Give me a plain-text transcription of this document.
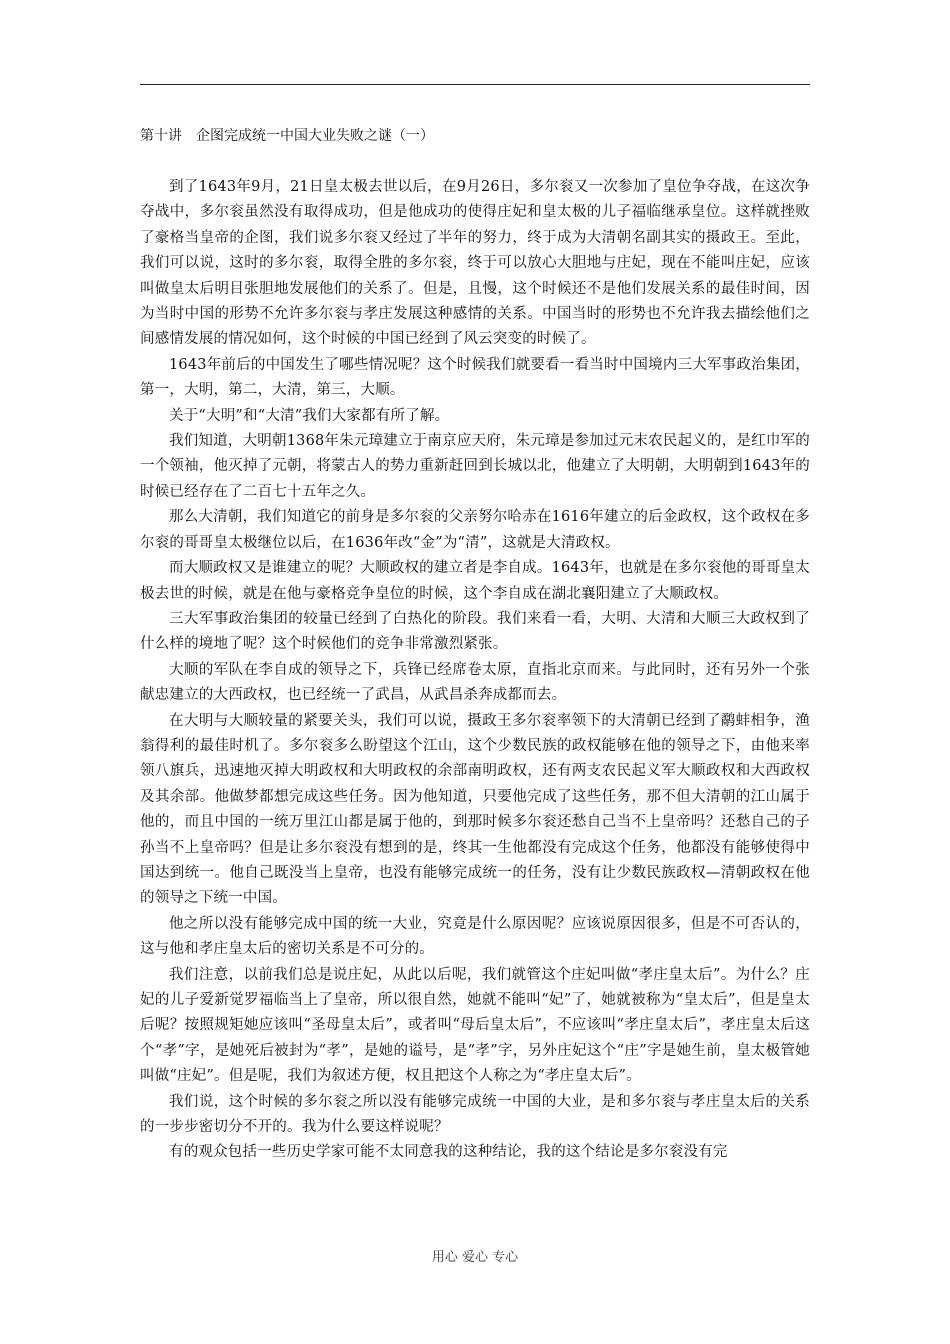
第十讲　企图完成统一中国大业失败之谜（一）

到了1643年9月，21日皇太极去世以后，在9月26日，多尔衮又一次参加了皇位争夺战，在这次争夺战中，多尔衮虽然没有取得成功，但是他成功的使得庄妃和皇太极的儿子福临继承皇位。这样就挫败了豪格当皇帝的企图，我们说多尔衮又经过了半年的努力，终于成为大清朝名副其实的摄政王。至此，我们可以说，这时的多尔衮，取得全胜的多尔衮，终于可以放心大胆地与庄妃，现在不能叫庄妃，应该叫做皇太后明目张胆地发展他们的关系了。但是，且慢，这个时候还不是他们发展关系的最佳时间，因为当时中国的形势不允许多尔衮与孝庄发展这种感情的关系。中国当时的形势也不允许我去描绘他们之间感情发展的情况如何，这个时候的中国已经到了风云突变的时候了。

1643年前后的中国发生了哪些情况呢？这个时候我们就要看一看当时中国境内三大军事政治集团，第一，大明，第二，大清，第三，大顺。

关于“大明”和“大清”我们大家都有所了解。

我们知道，大明朝1368年朱元璋建立于南京应天府，朱元璋是参加过元末农民起义的，是红巾军的一个领袖，他灭掉了元朝，将蒙古人的势力重新赶回到长城以北，他建立了大明朝，大明朝到1643年的时候已经存在了二百七十五年之久。

那么大清朝，我们知道它的前身是多尔衮的父亲努尔哈赤在1616年建立的后金政权，这个政权在多尔衮的哥哥皇太极继位以后，在1636年改“金”为“清”，这就是大清政权。

而大顺政权又是谁建立的呢？大顺政权的建立者是李自成。1643年，也就是在多尔衮他的哥哥皇太极去世的时候，就是在他与豪格竞争皇位的时候，这个李自成在湖北襄阳建立了大顺政权。

三大军事政治集团的较量已经到了白热化的阶段。我们来看一看，大明、大清和大顺三大政权到了什么样的境地了呢？这个时候他们的竞争非常激烈紧张。

大顺的军队在李自成的领导之下，兵锋已经席卷太原，直指北京而来。与此同时，还有另外一个张献忠建立的大西政权，也已经统一了武昌，从武昌杀奔成都而去。

在大明与大顺较量的紧要关头，我们可以说，摄政王多尔衮率领下的大清朝已经到了鹬蚌相争，渔翁得利的最佳时机了。多尔衮多么盼望这个江山，这个少数民族的政权能够在他的领导之下，由他来率领八旗兵，迅速地灭掉大明政权和大明政权的余部南明政权，还有两支农民起义军大顺政权和大西政权及其余部。他做梦都想完成这些任务。因为他知道，只要他完成了这些任务，那不但大清朝的江山属于他的，而且中国的一统万里江山都是属于他的，到那时候多尔衮还愁自己当不上皇帝吗？还愁自己的子孙当不上皇帝吗？但是让多尔衮没有想到的是，终其一生他都没有完成这个任务，他都没有能够使得中国达到统一。他自己既没当上皇帝，也没有能够完成统一的任务，没有让少数民族政权—清朝政权在他的领导之下统一中国。

他之所以没有能够完成中国的统一大业，究竟是什么原因呢？应该说原因很多，但是不可否认的，这与他和孝庄皇太后的密切关系是不可分的。

我们注意，以前我们总是说庄妃，从此以后呢，我们就管这个庄妃叫做“孝庄皇太后”。为什么？庄妃的儿子爱新觉罗福临当上了皇帝，所以很自然，她就不能叫“妃”了，她就被称为“皇太后”，但是皇太后呢？按照规矩她应该叫“圣母皇太后”，或者叫“母后皇太后”，不应该叫“孝庄皇太后”，孝庄皇太后这个“孝”字，是她死后被封为“孝”，是她的谥号，是“孝”字，另外庄妃这个“庄”字是她生前，皇太极管她叫做“庄妃”。但是呢，我们为叙述方便，权且把这个人称之为“孝庄皇太后”。

我们说，这个时候的多尔衮之所以没有能够完成统一中国的大业，是和多尔衮与孝庄皇太后的关系的一步步密切分不开的。我为什么要这样说呢？

有的观众包括一些历史学家可能不太同意我的这种结论，我的这个结论是多尔衮没有完

用心 爱心 专心
